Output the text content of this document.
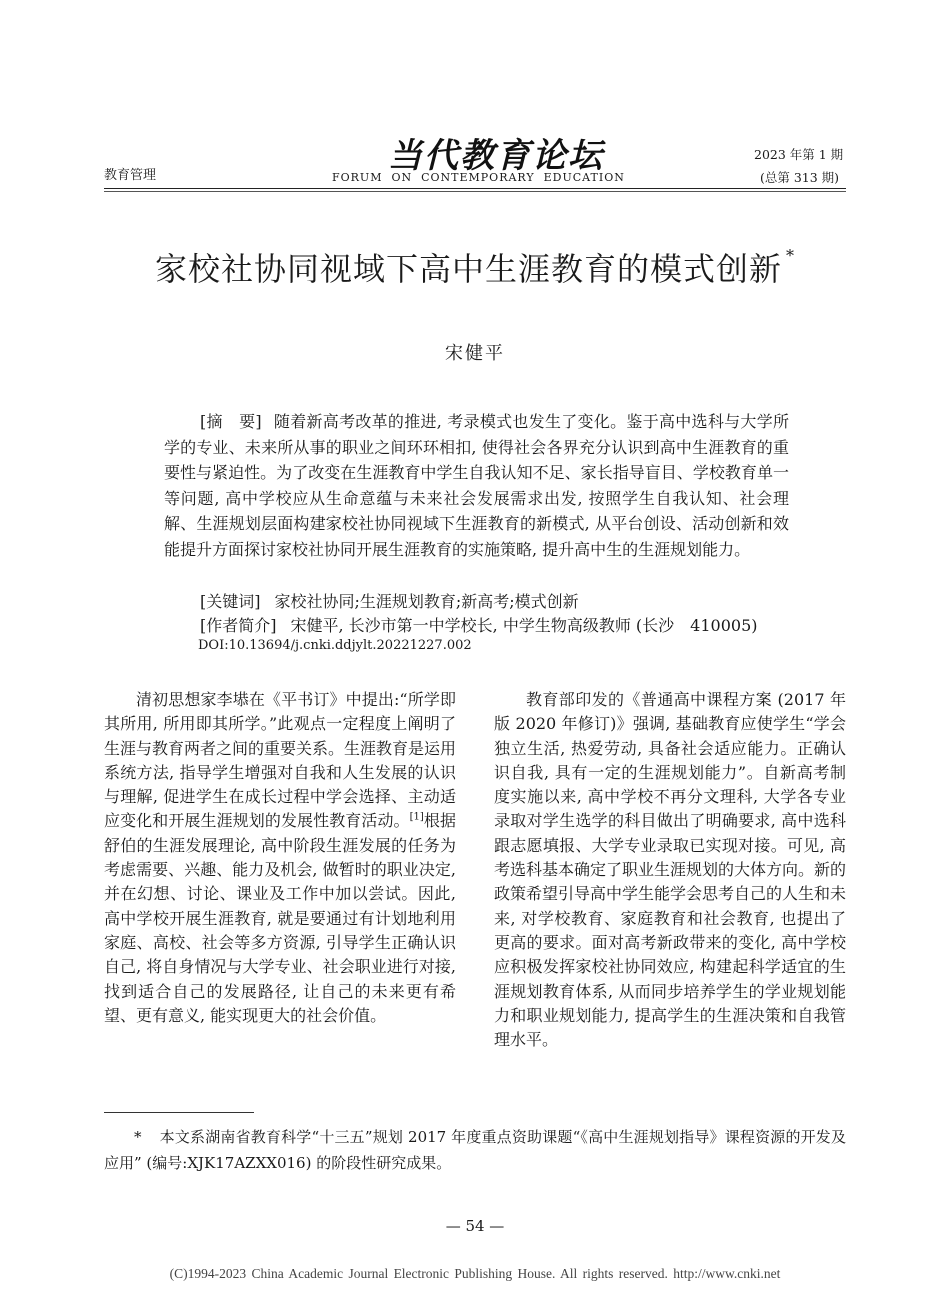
教育管理	当代教育论坛
FORUM  ON  CONTEMPORARY  EDUCATION
2023 年第 1 期
(总第 313 期)
家校社协同视域下高中生涯教育的模式创新 *
宋健平
[摘　要] 随着新高考改革的推进, 考录模式也发生了变化。鉴于高中选科与大学所学的专业、未来所从事的职业之间环环相扣, 使得社会各界充分认识到高中生涯教育的重要性与紧迫性。为了改变在生涯教育中学生自我认知不足、家长指导盲目、学校教育单一等问题, 高中学校应从生命意蕴与未来社会发展需求出发, 按照学生自我认知、社会理解、生涯规划层面构建家校社协同视域下生涯教育的新模式, 从平台创设、活动创新和效能提升方面探讨家校社协同开展生涯教育的实施策略, 提升高中生的生涯规划能力。
[关键词] 家校社协同;生涯规划教育;新高考;模式创新
[作者简介] 宋健平, 长沙市第一中学校长, 中学生物高级教师 (长沙　410005)
DOI:10.13694/j.cnki.ddjylt.20221227.002

清初思想家李塨在《平书订》中提出:“所学即其所用, 所用即其所学。”此观点一定程度上阐明了生涯与教育两者之间的重要关系。生涯教育是运用系统方法, 指导学生增强对自我和人生发展的认识与理解, 促进学生在成长过程中学会选择、主动适应变化和开展生涯规划的发展性教育活动。[1]根据舒伯的生涯发展理论, 高中阶段生涯发展的任务为考虑需要、兴趣、能力及机会, 做暂时的职业决定, 并在幻想、讨论、课业及工作中加以尝试。因此, 高中学校开展生涯教育, 就是要通过有计划地利用家庭、高校、社会等多方资源, 引导学生正确认识自己, 将自身情况与大学专业、社会职业进行对接, 找到适合自己的发展路径, 让自己的未来更有希望、更有意义, 能实现更大的社会价值。

教育部印发的《普通高中课程方案 (2017 年版 2020 年修订)》强调, 基础教育应使学生“学会独立生活, 热爱劳动, 具备社会适应能力。正确认识自我, 具有一定的生涯规划能力”。自新高考制度实施以来, 高中学校不再分文理科, 大学各专业录取对学生选学的科目做出了明确要求, 高中选科跟志愿填报、大学专业录取已实现对接。可见, 高考选科基本确定了职业生涯规划的大体方向。新的政策希望引导高中学生能学会思考自己的人生和未来, 对学校教育、家庭教育和社会教育, 也提出了更高的要求。面对高考新政带来的变化, 高中学校应积极发挥家校社协同效应, 构建起科学适宜的生涯规划教育体系, 从而同步培养学生的学业规划能力和职业规划能力, 提高学生的生涯决策和自我管理水平。

* 本文系湖南省教育科学“十三五”规划 2017 年度重点资助课题“《高中生涯规划指导》课程资源的开发及应用” (编号:XJK17AZXX016) 的阶段性研究成果。
— 54 —
(C)1994-2023 China Academic Journal Electronic Publishing House. All rights reserved. http://www.cnki.net
